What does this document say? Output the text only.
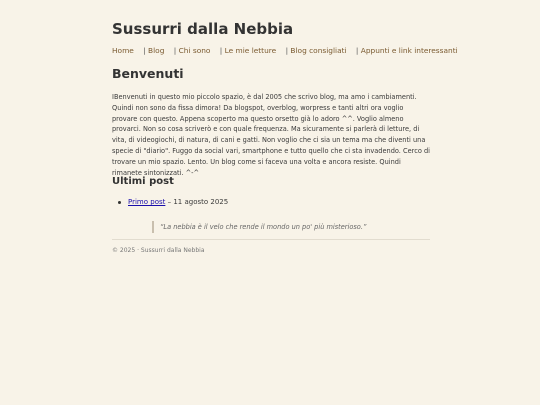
Sussurri dalla Nebbia
Home | Blog | Chi sono | Le mie letture | Blog consigliati | Appunti e link interessanti
Benvenuti

IBenvenuti in questo mio piccolo spazio, è dal 2005 che scrivo blog, ma amo i cambiamenti. Quindi non sono da fissa dimora! Da blogspot, overblog, worpress e tanti altri ora voglio provare con questo. Appena scoperto ma questo orsetto già lo adoro ^^. Voglio almeno provarci. Non so cosa scriverò e con quale frequenza. Ma sicuramente si parlerà di letture, di vita, di videogiochi, di natura, di cani e gatti. Non voglio che ci sia un tema ma che diventi una specie di "diario". Fuggo da social vari, smartphone e tutto quello che ci sta invadendo. Cerco di trovare un mio spazio. Lento. Un blog come si faceva una volta e ancora resiste. Quindi rimanete sintonizzati. ^-^

Ultimi post
Primo post – 11 agosto 2025
“La nebbia è il velo che rende il mondo un po' più misterioso.”
© 2025 · Sussurri dalla Nebbia
